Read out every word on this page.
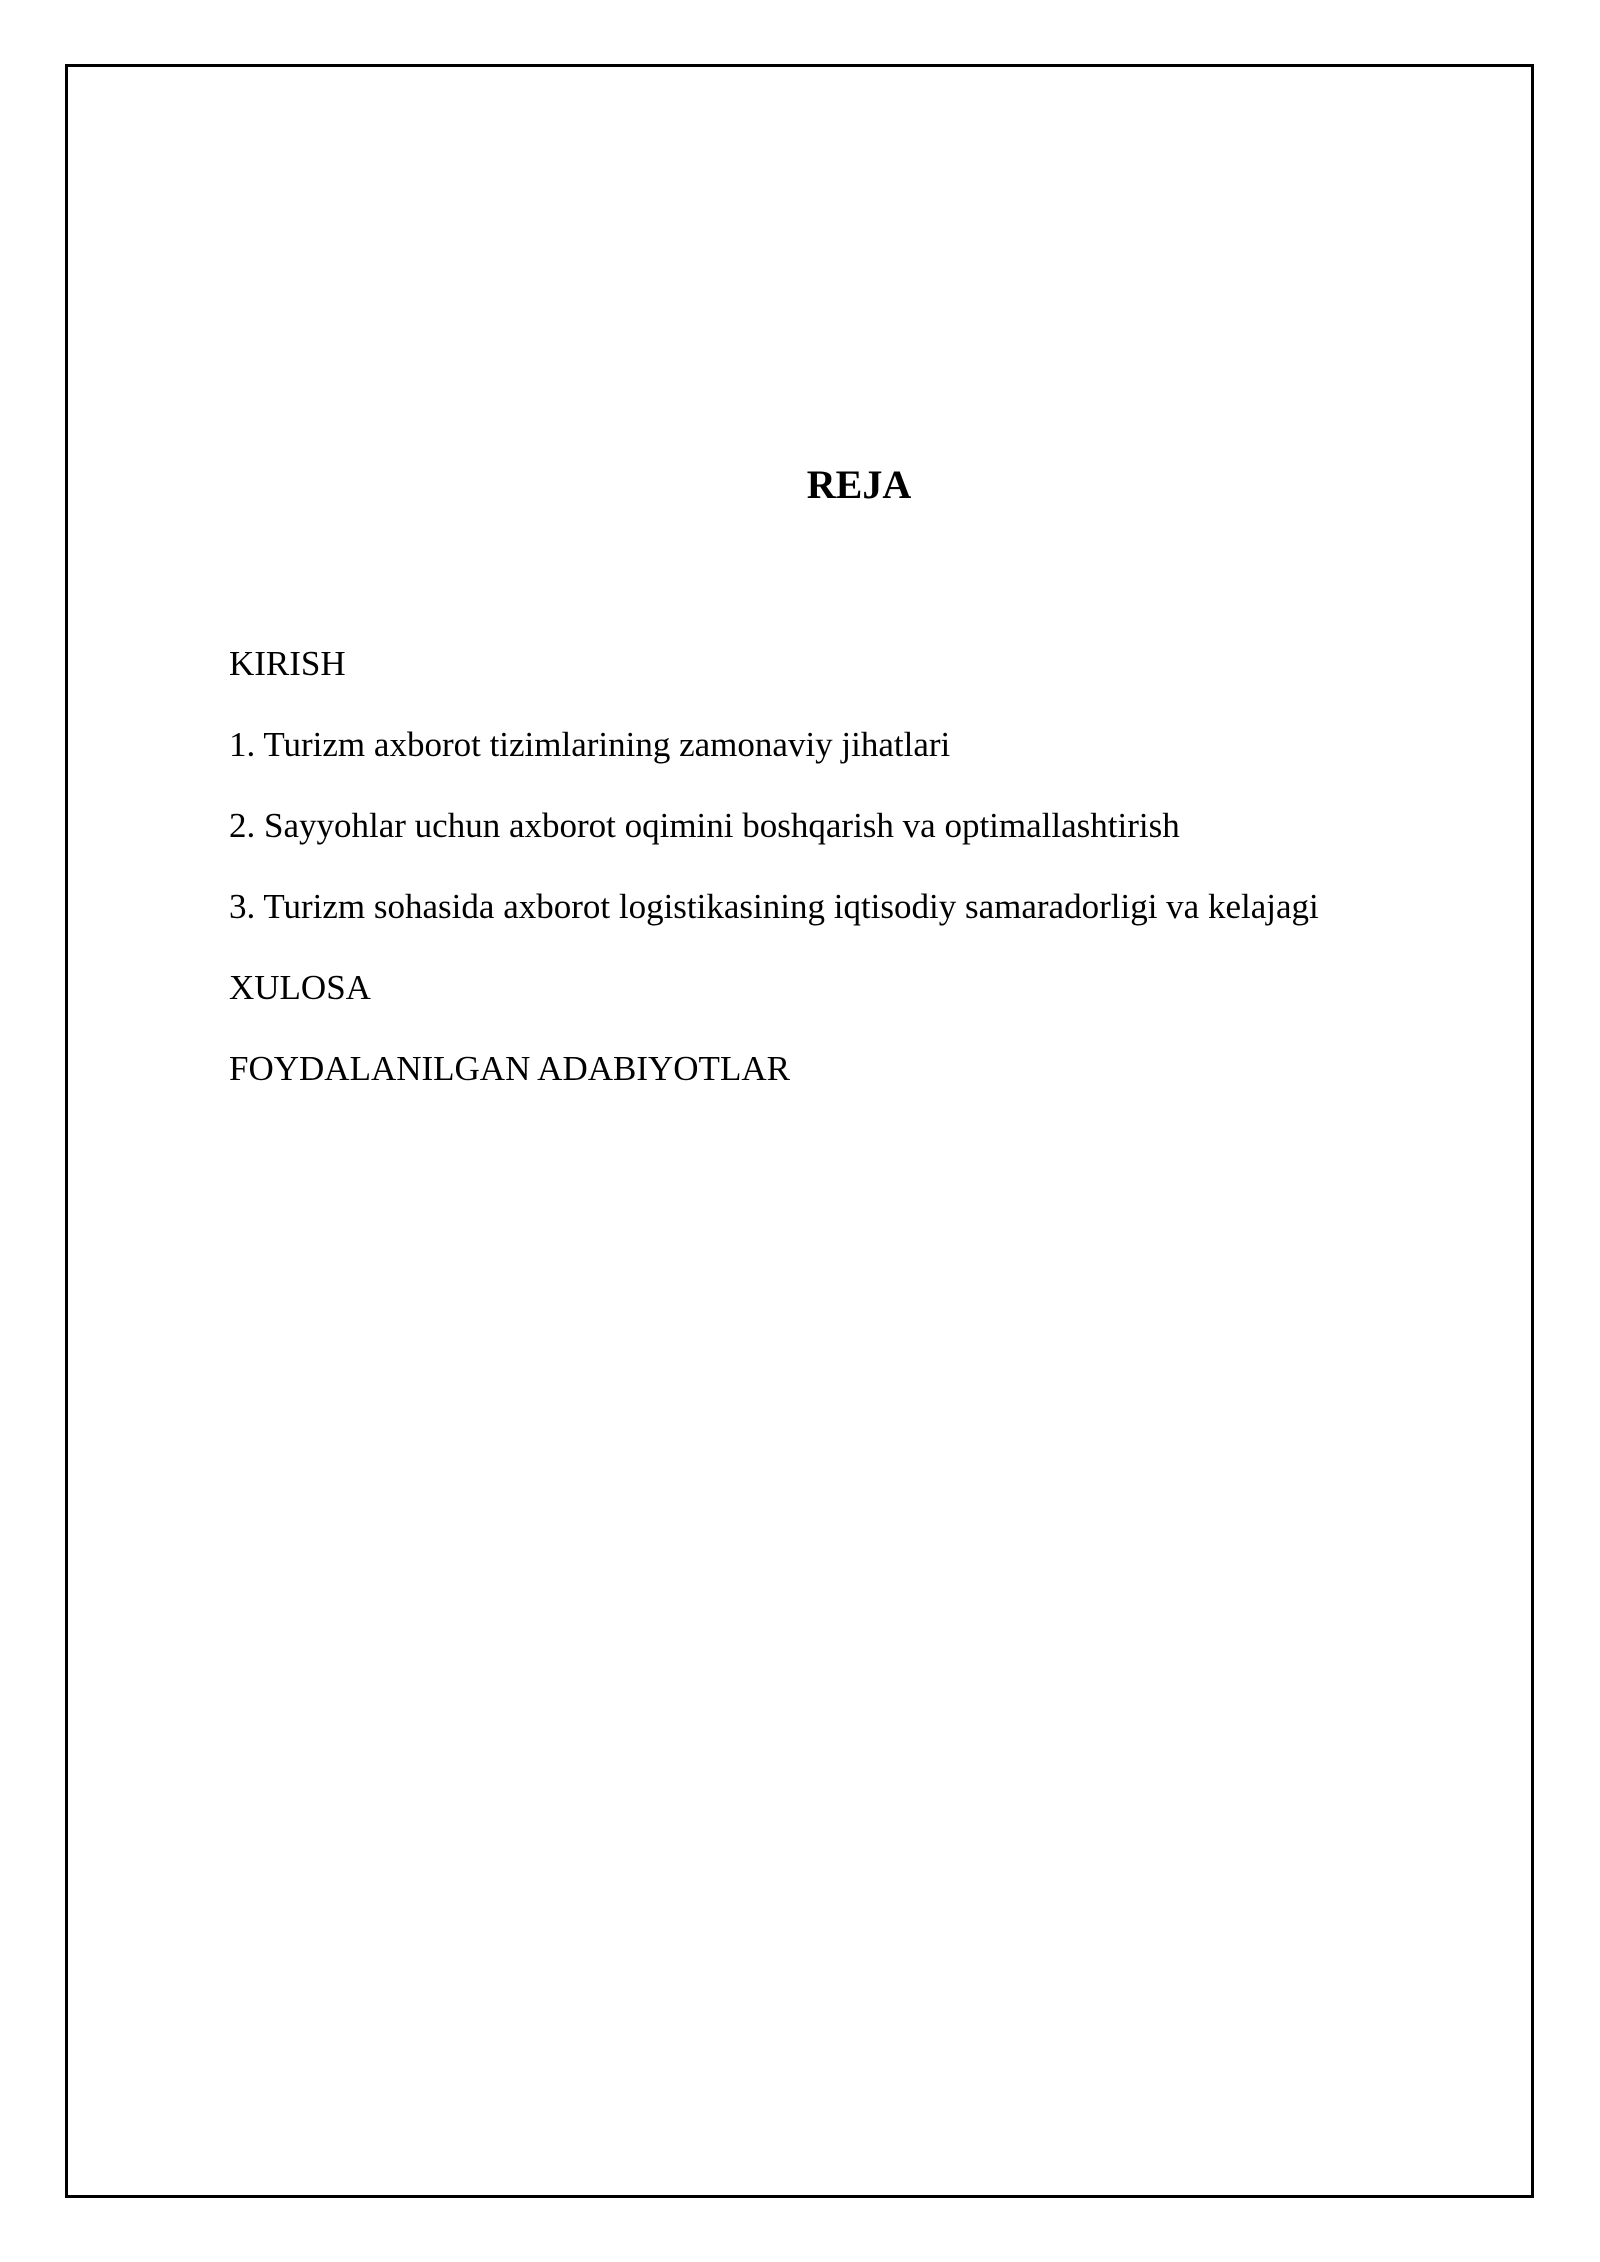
REJA
KIRISH
1. Turizm axborot tizimlarining zamonaviy jihatlari
2. Sayyohlar uchun axborot oqimini boshqarish va optimallashtirish
3. Turizm sohasida axborot logistikasining iqtisodiy samaradorligi va kelajagi
XULOSA
FOYDALANILGAN ADABIYOTLAR
